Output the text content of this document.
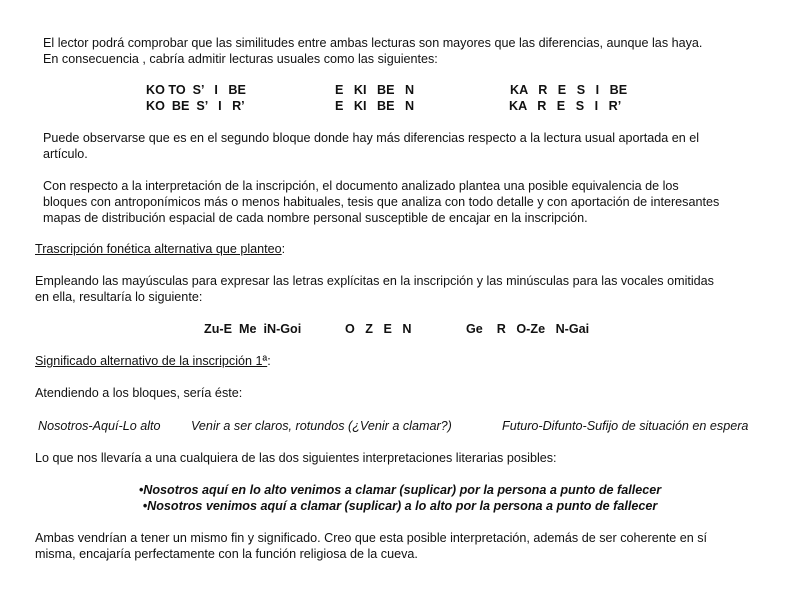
El lector podrá comprobar que las similitudes entre ambas lecturas son mayores que las diferencias, aunque las haya.

En consecuencia , cabría admitir lecturas usuales como las siguientes:

KO TO  S’   I   BE	E   KI   BE   N	KA   R   E   S   I   BE
KO  BE  S’   I   R’	E   KI   BE   N	KA   R   E   S   I   R’

Puede observarse que es en el segundo bloque donde hay más diferencias respecto a la lectura usual aportada en el

artículo.

Con respecto a la interpretación de la inscripción, el documento analizado plantea una posible equivalencia de los

bloques con antroponímicos más o menos habituales, tesis que analiza con todo detalle y con aportación de interesantes

mapas de distribución espacial de cada nombre personal susceptible de encajar en la inscripción.

Trascripción fonética alternativa que planteo:

Empleando las mayúsculas para expresar las letras explícitas en la inscripción y las minúsculas para las vocales omitidas

en ella, resultaría lo siguiente:

Zu-E  Me  iN-Goi	O   Z   E   N	Ge    R   O-Ze   N-Gai

Significado alternativo de la inscripción 1ª:

Atendiendo a los bloques, sería éste:

Nosotros-Aquí-Lo alto Venir a ser claros, rotundos (¿Venir a clamar?)	Futuro-Difunto-Sufijo de situación en espera

Lo que nos llevaría a una cualquiera de las dos siguientes interpretaciones literarias posibles:

•Nosotros aquí en lo alto venimos a clamar (suplicar) por la persona a punto de fallecer

•Nosotros venimos aquí a clamar (suplicar) a lo alto por la persona a punto de fallecer

Ambas vendrían a tener un mismo fin y significado. Creo que esta posible interpretación, además de ser coherente en sí

misma, encajaría perfectamente con la función religiosa de la cueva.
